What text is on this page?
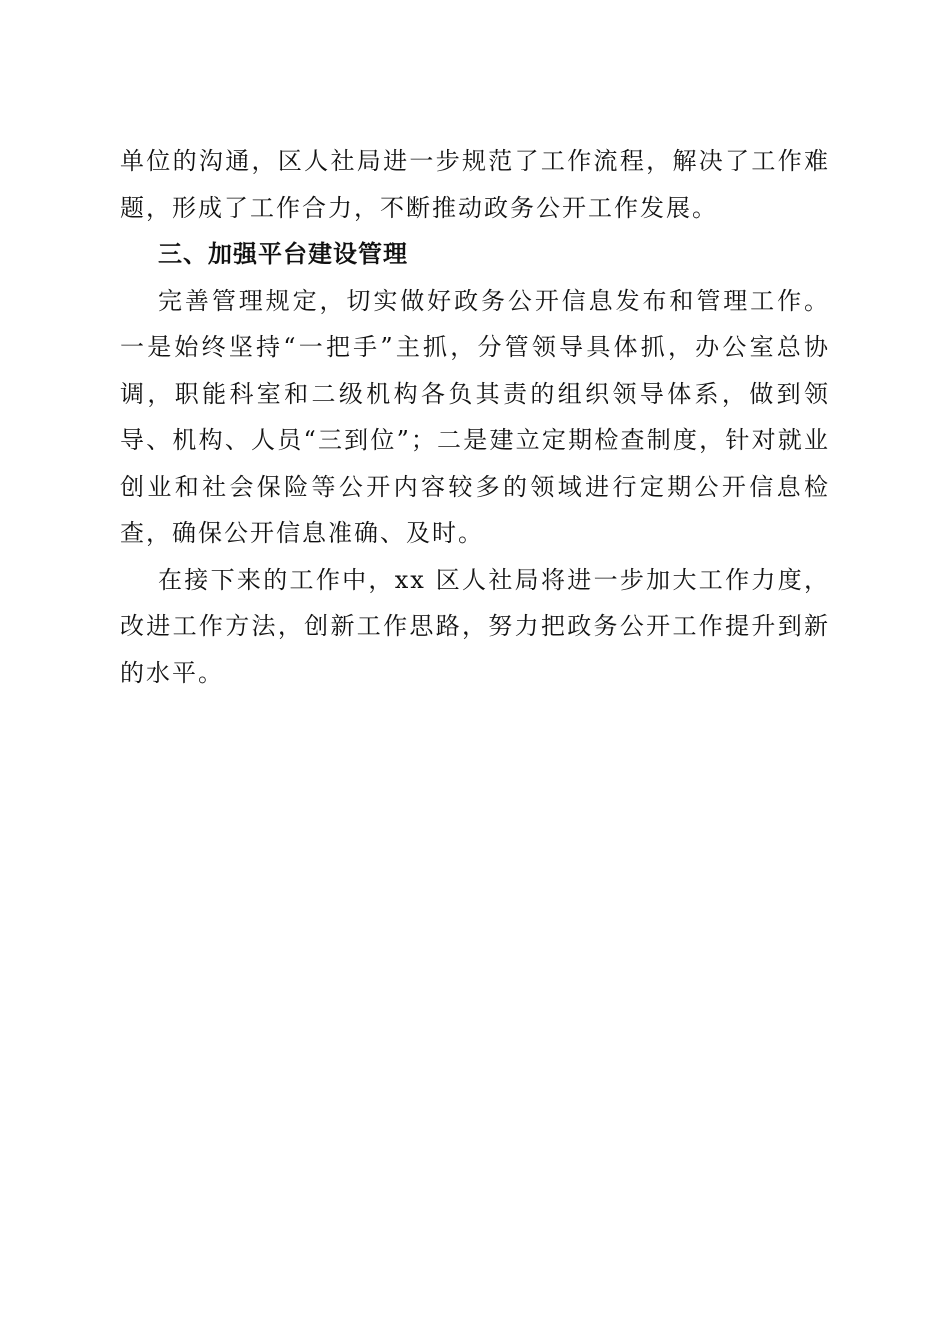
单位的沟通，区人社局进一步规范了工作流程，解决了工作难题，形成了工作合力，不断推动政务公开工作发展。

三、加强平台建设管理

完善管理规定，切实做好政务公开信息发布和管理工作。一是始终坚持“一把手”主抓，分管领导具体抓，办公室总协调，职能科室和二级机构各负其责的组织领导体系，做到领导、机构、人员“三到位”；二是建立定期检查制度，针对就业创业和社会保险等公开内容较多的领域进行定期公开信息检查，确保公开信息准确、及时。

在接下来的工作中，xx 区人社局将进一步加大工作力度，改进工作方法，创新工作思路，努力把政务公开工作提升到新的水平。
